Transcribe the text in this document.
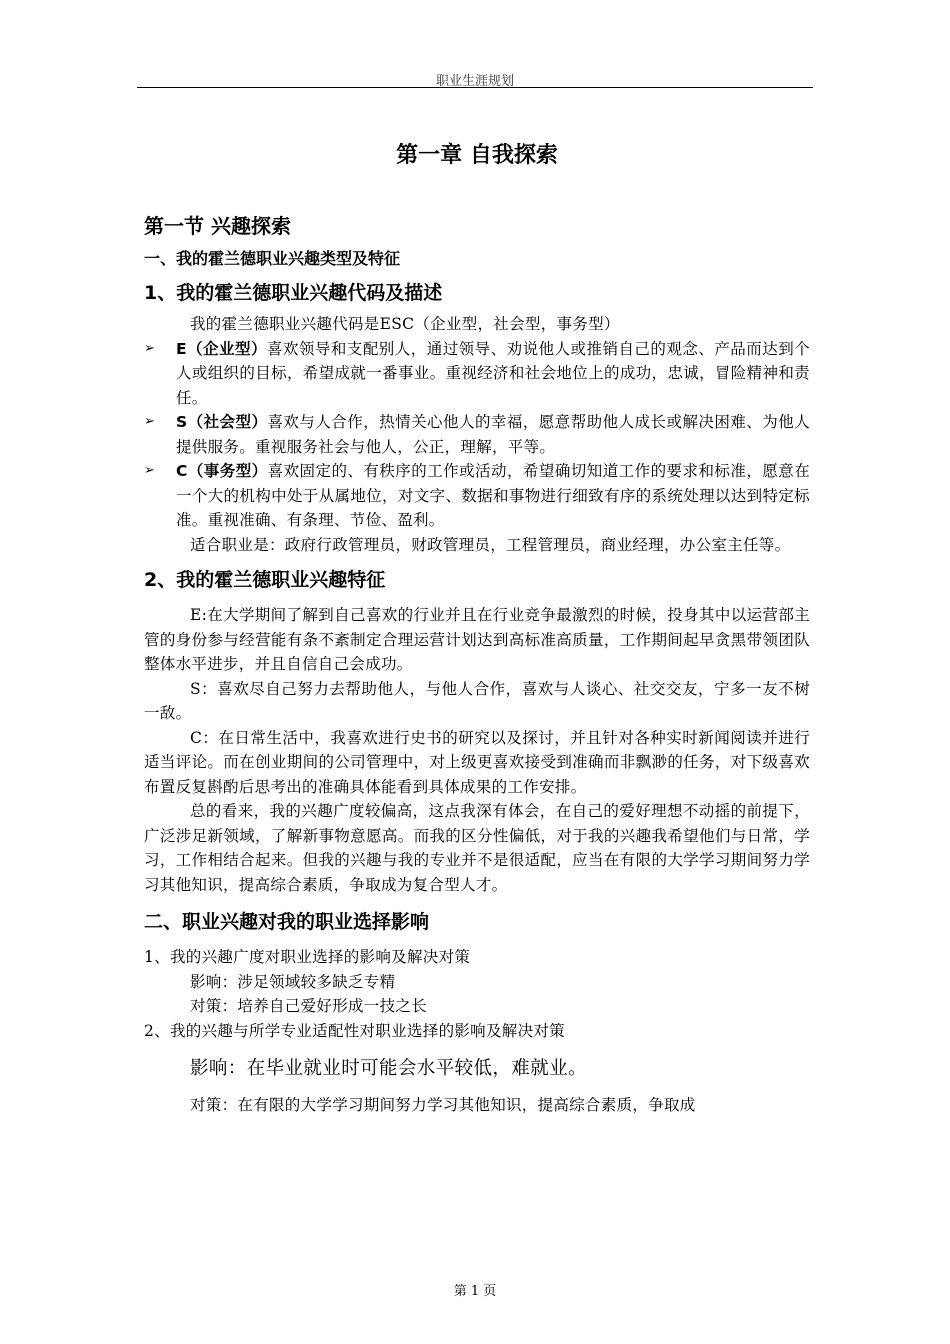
职业生涯规划
第一章 自我探索
第一节 兴趣探索
一、我的霍兰德职业兴趣类型及特征
1、我的霍兰德职业兴趣代码及描述
我的霍兰德职业兴趣代码是ESC（企业型，社会型，事务型）
➢ E（企业型）喜欢领导和支配别人，通过领导、劝说他人或推销自己的观念、产品而达到个人或组织的目标，希望成就一番事业。重视经济和社会地位上的成功，忠诚，冒险精神和责任。
➢ S（社会型）喜欢与人合作，热情关心他人的幸福，愿意帮助他人成长或解决困难、为他人提供服务。重视服务社会与他人，公正，理解，平等。
➢ C（事务型）喜欢固定的、有秩序的工作或活动，希望确切知道工作的要求和标准，愿意在一个大的机构中处于从属地位，对文字、数据和事物进行细致有序的系统处理以达到特定标准。重视准确、有条理、节俭、盈利。
适合职业是：政府行政管理员，财政管理员，工程管理员，商业经理，办公室主任等。
2、我的霍兰德职业兴趣特征
E:在大学期间了解到自己喜欢的行业并且在行业竞争最激烈的时候，投身其中以运营部主管的身份参与经营能有条不紊制定合理运营计划达到高标准高质量，工作期间起早贪黑带领团队整体水平进步，并且自信自己会成功。
S：喜欢尽自己努力去帮助他人，与他人合作，喜欢与人谈心、社交交友，宁多一友不树一敌。
C：在日常生活中，我喜欢进行史书的研究以及探讨，并且针对各种实时新闻阅读并进行适当评论。而在创业期间的公司管理中，对上级更喜欢接受到准确而非飘渺的任务，对下级喜欢布置反复斟酌后思考出的准确具体能看到具体成果的工作安排。
总的看来，我的兴趣广度较偏高，这点我深有体会，在自己的爱好理想不动摇的前提下，广泛涉足新领域，了解新事物意愿高。而我的区分性偏低，对于我的兴趣我希望他们与日常，学习，工作相结合起来。但我的兴趣与我的专业并不是很适配，应当在有限的大学学习期间努力学习其他知识，提高综合素质，争取成为复合型人才。
二、职业兴趣对我的职业选择影响
1、我的兴趣广度对职业选择的影响及解决对策
影响：涉足领域较多缺乏专精
对策：培养自己爱好形成一技之长
2、我的兴趣与所学专业适配性对职业选择的影响及解决对策
影响：在毕业就业时可能会水平较低，难就业。
对策：在有限的大学学习期间努力学习其他知识，提高综合素质，争取成
第 1 页
